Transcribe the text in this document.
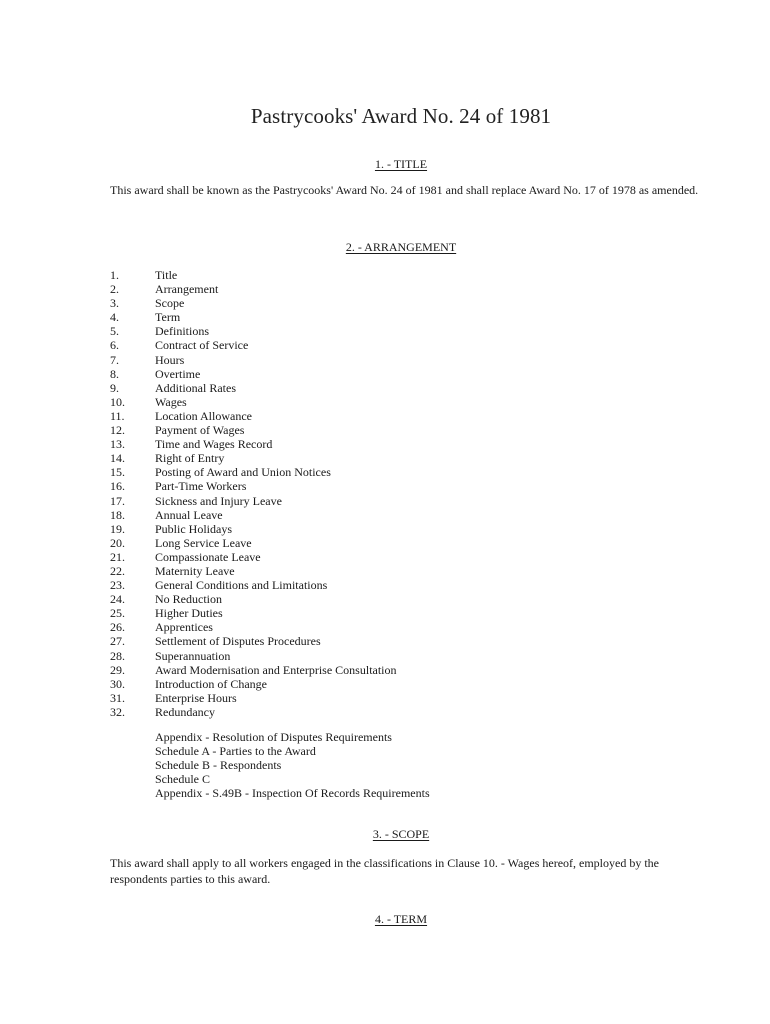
Pastrycooks' Award No. 24 of 1981
1. - TITLE
This award shall be known as the Pastrycooks' Award No. 24 of 1981 and shall replace Award No. 17 of 1978 as amended.
2. - ARRANGEMENT
1.	Title
2.	Arrangement
3.	Scope
4.	Term
5.	Definitions
6.	Contract of Service
7.	Hours
8.	Overtime
9.	Additional Rates
10.	Wages
11.	Location Allowance
12.	Payment of Wages
13.	Time and Wages Record
14.	Right of Entry
15.	Posting of Award and Union Notices
16.	Part-Time Workers
17.	Sickness and Injury Leave
18.	Annual Leave
19.	Public Holidays
20.	Long Service Leave
21.	Compassionate Leave
22.	Maternity Leave
23.	General Conditions and Limitations
24.	No Reduction
25.	Higher Duties
26.	Apprentices
27.	Settlement of Disputes Procedures
28.	Superannuation
29.	Award Modernisation and Enterprise Consultation
30.	Introduction of Change
31.	Enterprise Hours
32.	Redundancy
Appendix - Resolution of Disputes Requirements
Schedule A - Parties to the Award
Schedule B - Respondents
Schedule C
Appendix - S.49B - Inspection Of Records Requirements
3. - SCOPE
This award shall apply to all workers engaged in the classifications in Clause 10. - Wages hereof, employed by the respondents parties to this award.
4. - TERM
